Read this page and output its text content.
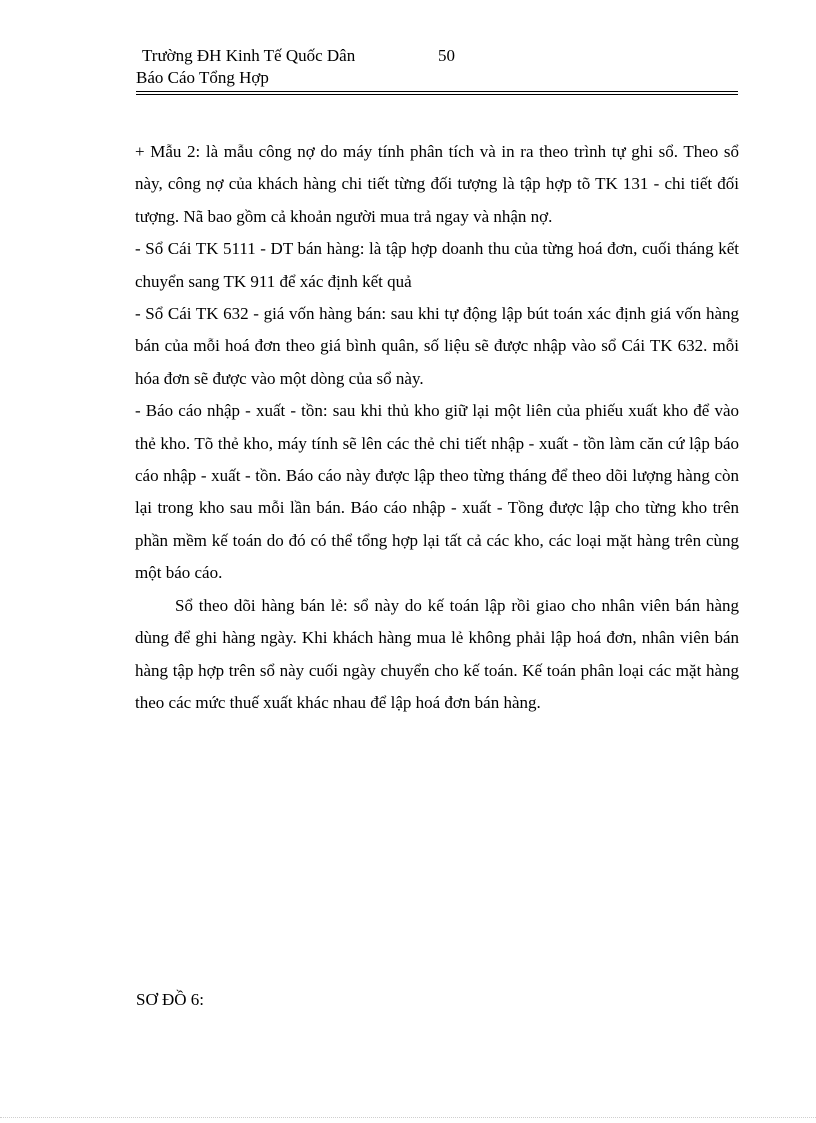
Trường ĐH Kinh Tế Quốc Dân	50
Báo Cáo Tổng Hợp

+ Mẫu 2: là mẫu công nợ do máy tính phân tích và in ra theo trình tự ghi sổ. Theo sổ này, công nợ của khách hàng chi tiết từng đối tượng là tập hợp tõ TK 131 - chi tiết đối tượng. Nã bao gồm cả khoản người mua trả ngay và nhận nợ.

- Sổ Cái TK 5111 - DT bán hàng: là tập hợp doanh thu của từng hoá đơn, cuối tháng kết chuyển sang TK 911 để xác định kết quả

- Sổ Cái TK 632 - giá vốn hàng bán: sau khi tự động lập bút toán xác định giá vốn hàng bán của mỗi hoá đơn theo giá bình quân, số liệu sẽ được nhập vào sổ Cái TK 632. mỗi hóa đơn sẽ được vào một dòng của sổ này.

- Báo cáo nhập - xuất - tồn: sau khi thủ kho giữ lại một liên của phiếu xuất kho để vào thẻ kho. Tõ thẻ kho, máy tính sẽ lên các thẻ chi tiết nhập - xuất - tồn làm căn cứ lập báo cáo nhập - xuất - tồn. Báo cáo này được lập theo từng tháng để theo dõi lượng hàng còn lại trong kho sau mỗi lần bán. Báo cáo nhập - xuất - Tồng được lập cho từng kho trên phần mềm kế toán do đó có thể tổng hợp lại tất cả các kho, các loại mặt hàng trên cùng một báo cáo.

Sổ theo dõi hàng bán lẻ: sổ này do kế toán lập rồi giao cho nhân viên bán hàng dùng để ghi hàng ngày. Khi khách hàng mua lẻ không phải lập hoá đơn, nhân viên bán hàng tập hợp trên sổ này cuối ngày chuyển cho kế toán. Kế toán phân loại các mặt hàng theo các mức thuế xuất khác nhau để lập hoá đơn bán hàng.

SƠ ĐỒ 6:
